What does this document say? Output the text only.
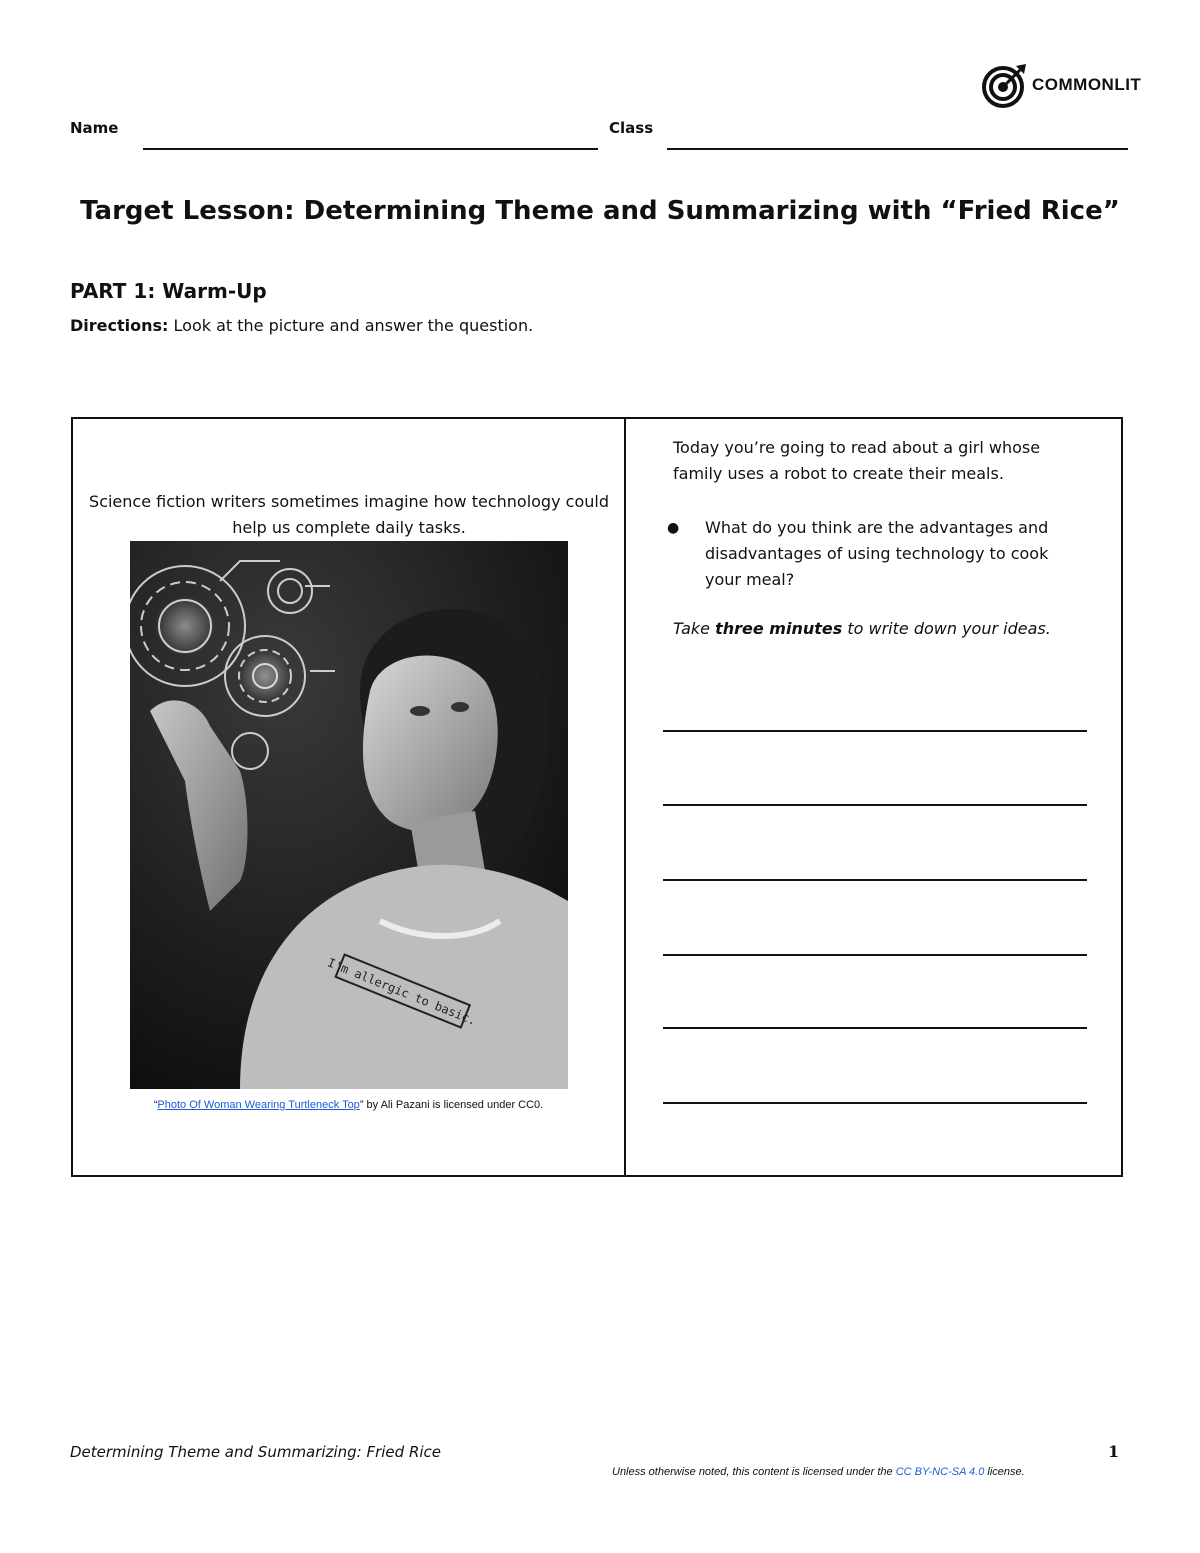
COMMONLIT
Name	Class
Target Lesson: Determining Theme and Summarizing with “Fried Rice”
PART 1: Warm-Up
Directions: Look at the picture and answer the question.
Science fiction writers sometimes imagine how technology could help us complete daily tasks.
I'm allergic to basic.
“Photo Of Woman Wearing Turtleneck Top” by Ali Pazani is licensed under CC0.
Today you’re going to read about a girl whose family uses a robot to create their meals.
●	What do you think are the advantages and disadvantages of using technology to cook your meal?
Take three minutes to write down your ideas.
Determining Theme and Summarizing: Fried Rice	1
Unless otherwise noted, this content is licensed under the CC BY-NC-SA 4.0 license.
